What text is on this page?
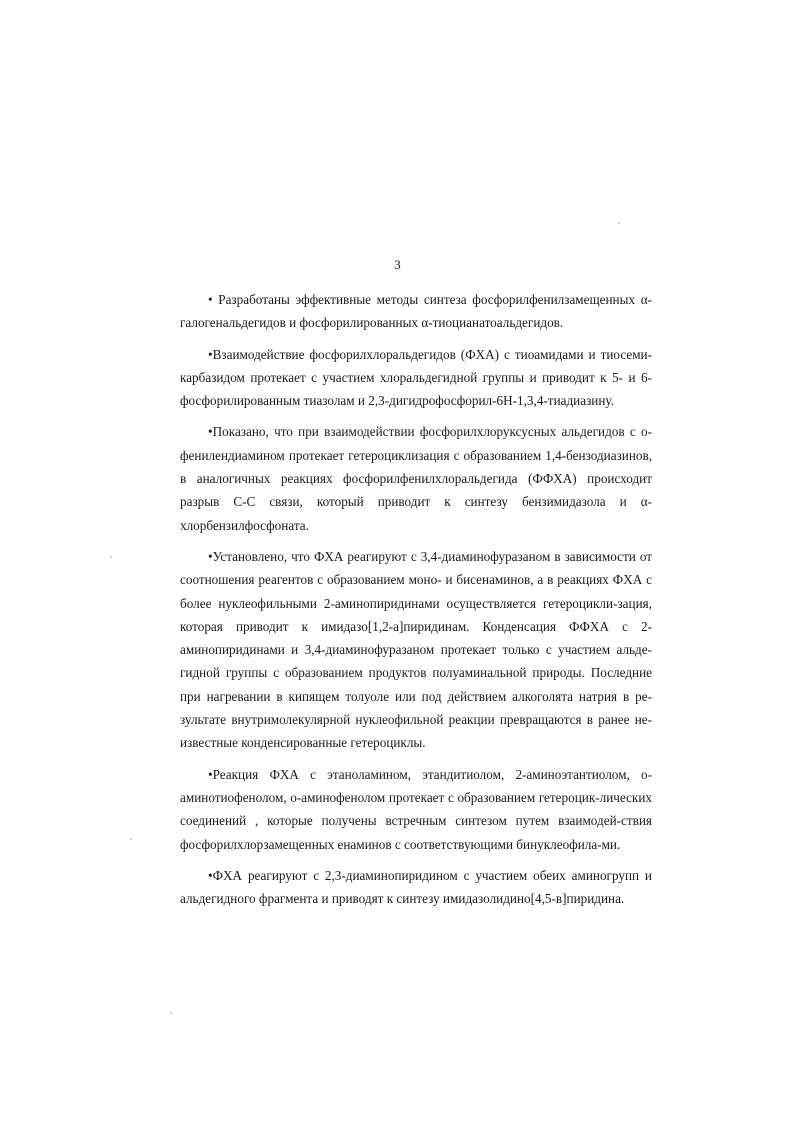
3

• Разработаны эффективные методы синтеза фосфорилфенилзамещенных α-галогенальдегидов и фосфорилированных α-тиоцианатоальдегидов.

•Взаимодействие фосфорилхлоральдегидов (ФХА) с тиоамидами и тиосеми-карбазидом протекает с участием хлоральдегидной группы и приводит к 5- и 6-фосфорилированным тиазолам и 2,3-дигидрофосфорил-6Н-1,3,4-тиадиазину.

•Показано, что при взаимодействии фосфорилхлоруксусных альдегидов с о-фенилендиамином протекает гетероциклизация с образованием 1,4-бензодиазинов, в аналогичных реакциях фосфорилфенилхлоральдегида (ФФХА) происходит разрыв С-С связи, который приводит к синтезу бензимидазола и α-хлорбензилфосфоната.

•Установлено, что ФХА реагируют с 3,4-диаминофуразаном в зависимости от соотношения реагентов с образованием моно- и бисенаминов, а в реакциях ФХА с более нуклеофильными 2-аминопиридинами осуществляется гетероцикли-зация, которая приводит к имидазо[1,2-а]пиридинам. Конденсация ФФХА с 2-аминопиридинами и 3,4-диаминофуразаном протекает только с участием альде-гидной группы с образованием продуктов полуаминальной природы. Последние при нагревании в кипящем толуоле или под действием алкоголята натрия в ре-зультате внутримолекулярной нуклеофильной реакции превращаются в ранее не-известные конденсированные гетероциклы.

•Реакция ФХА с этаноламином, этандитиолом, 2-аминоэтантиолом, о-аминотиофенолом, о-аминофенолом протекает с образованием гетероцик-лических соединений , которые получены встречным синтезом путем взаимодей-ствия фосфорилхлорзамещенных енаминов с соответствующими бинуклеофила-ми.

•ФХА реагируют с 2,3-диаминопиридином с участием обеих аминогрупп и альдегидного фрагмента и приводят к синтезу имидазолидино[4,5-в]пиридина.
